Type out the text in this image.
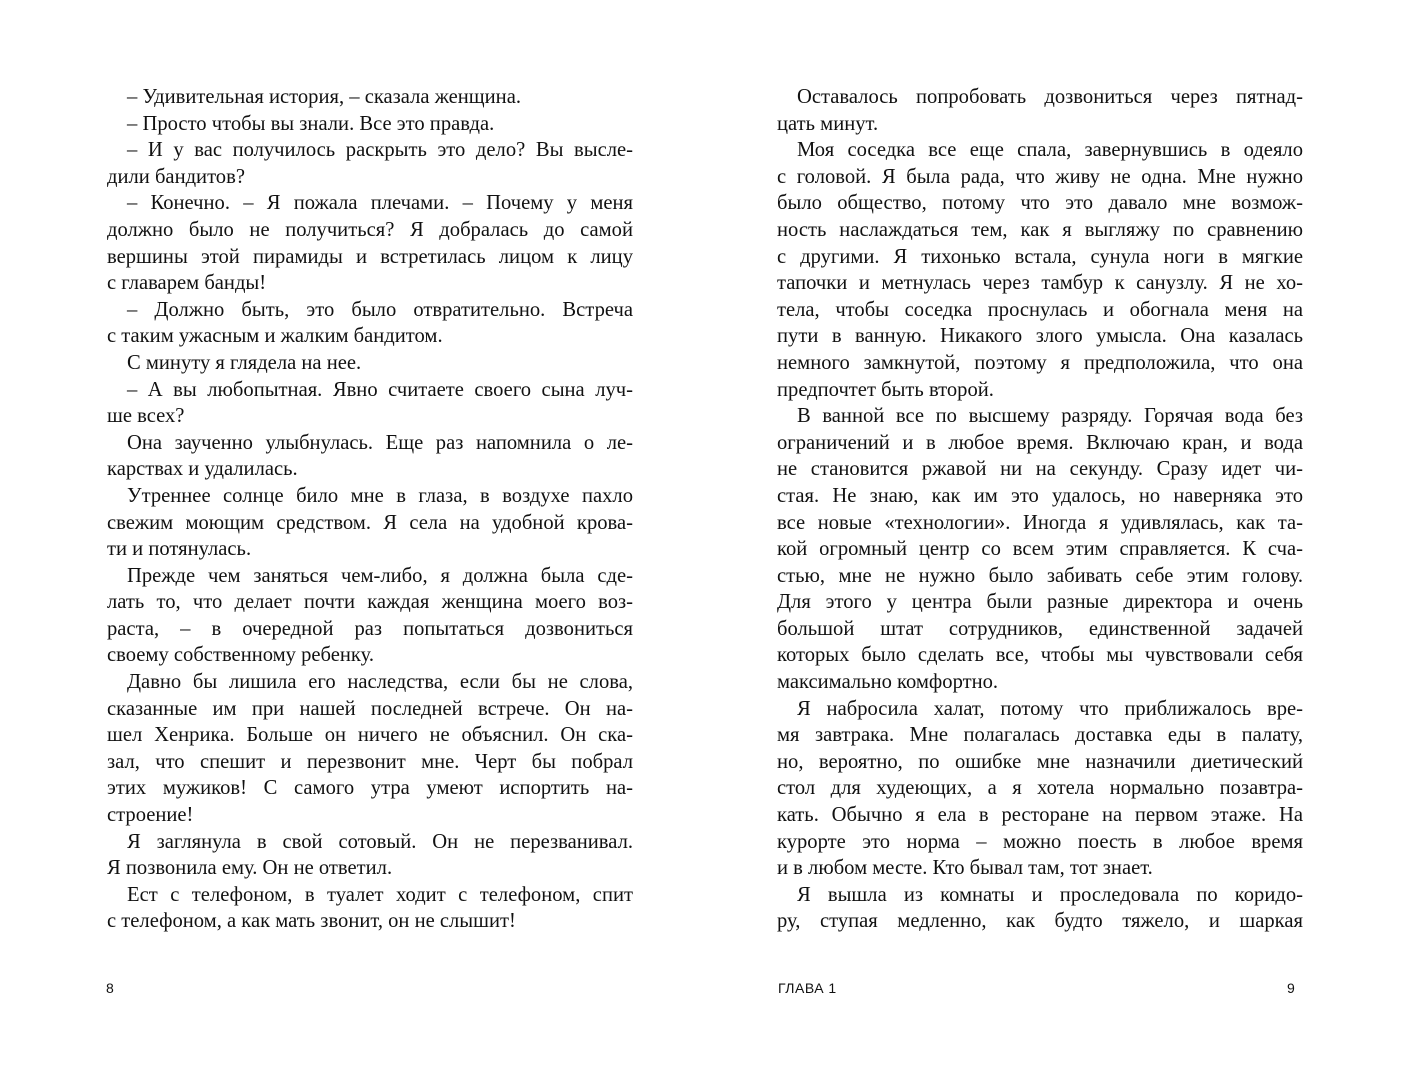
– Удивительная история, – сказала женщина.
– Просто чтобы вы знали. Все это правда.
– И у вас получилось раскрыть это дело? Вы высле-
дили бандитов?
– Конечно. – Я пожала плечами. – Почему у меня
должно было не получиться? Я добралась до самой
вершины этой пирамиды и встретилась лицом к лицу
с главарем банды!
– Должно быть, это было отвратительно. Встреча
с таким ужасным и жалким бандитом.
С минуту я глядела на нее.
– А вы любопытная. Явно считаете своего сына луч-
ше всех?
Она заученно улыбнулась. Еще раз напомнила о ле-
карствах и удалилась.
Утреннее солнце било мне в глаза, в воздухе пахло
свежим моющим средством. Я села на удобной крова-
ти и потянулась.
Прежде чем заняться чем-либо, я должна была сде-
лать то, что делает почти каждая женщина моего воз-
раста, – в очередной раз попытаться дозвониться
своему собственному ребенку.
Давно бы лишила его наследства, если бы не слова,
сказанные им при нашей последней встрече. Он на-
шел Хенрика. Больше он ничего не объяснил. Он ска-
зал, что спешит и перезвонит мне. Черт бы побрал
этих мужиков! С самого утра умеют испортить на-
строение!
Я заглянула в свой сотовый. Он не перезванивал.
Я позвонила ему. Он не ответил.
Ест с телефоном, в туалет ходит с телефоном, спит
с телефоном, а как мать звонит, он не слышит!
8
Оставалось попробовать дозвониться через пятнад-
цать минут.
Моя соседка все еще спала, завернувшись в одеяло
с головой. Я была рада, что живу не одна. Мне нужно
было общество, потому что это давало мне возмож-
ность наслаждаться тем, как я выгляжу по сравнению
с другими. Я тихонько встала, сунула ноги в мягкие
тапочки и метнулась через тамбур к санузлу. Я не хо-
тела, чтобы соседка проснулась и обогнала меня на
пути в ванную. Никакого злого умысла. Она казалась
немного замкнутой, поэтому я предположила, что она
предпочтет быть второй.
В ванной все по высшему разряду. Горячая вода без
ограничений и в любое время. Включаю кран, и вода
не становится ржавой ни на секунду. Сразу идет чи-
стая. Не знаю, как им это удалось, но наверняка это
все новые «технологии». Иногда я удивлялась, как та-
кой огромный центр со всем этим справляется. К сча-
стью, мне не нужно было забивать себе этим голову.
Для этого у центра были разные директора и очень
большой штат сотрудников, единственной задачей
которых было сделать все, чтобы мы чувствовали себя
максимально комфортно.
Я набросила халат, потому что приближалось вре-
мя завтрака. Мне полагалась доставка еды в палату,
но, вероятно, по ошибке мне назначили диетический
стол для худеющих, а я хотела нормально позавтра-
кать. Обычно я ела в ресторане на первом этаже. На
курорте это норма – можно поесть в любое время
и в любом месте. Кто бывал там, тот знает.
Я вышла из комнаты и проследовала по коридо-
ру, ступая медленно, как будто тяжело, и шаркая
ГЛАВА 1	9
